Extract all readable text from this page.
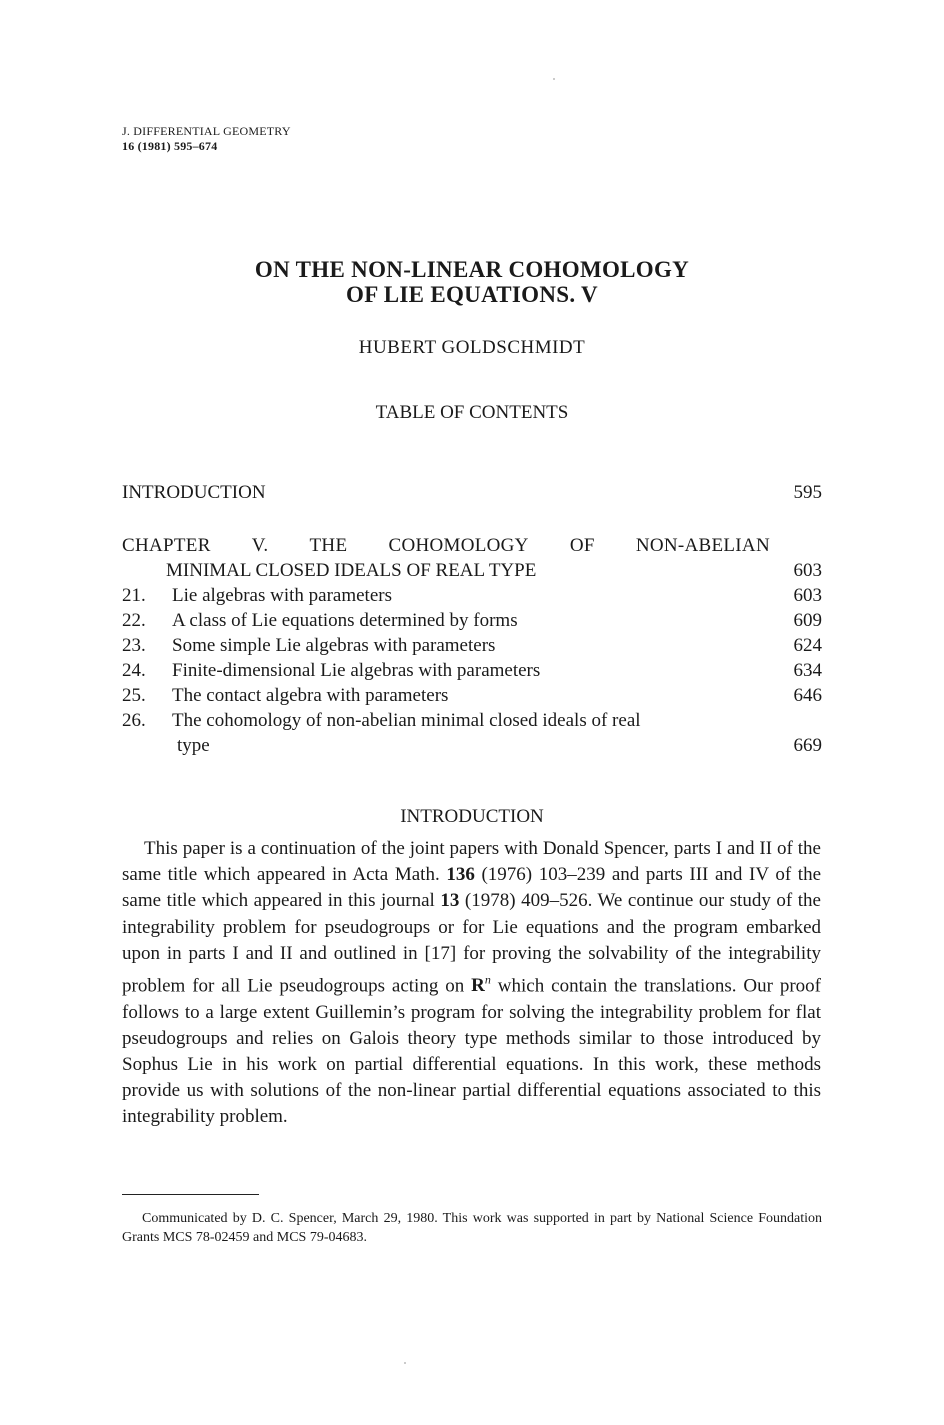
J. DIFFERENTIAL GEOMETRY
16 (1981) 595–674
ON THE NON-LINEAR COHOMOLOGY
OF LIE EQUATIONS. V
HUBERT GOLDSCHMIDT
TABLE OF CONTENTS
INTRODUCTION	595
CHAPTER V. THE COHOMOLOGY OF NON-ABELIAN
MINIMAL CLOSED IDEALS OF REAL TYPE	603
21. Lie algebras with parameters	603
22. A class of Lie equations determined by forms	609
23. Some simple Lie algebras with parameters	624
24. Finite-dimensional Lie algebras with parameters	634
25. The contact algebra with parameters	646
26. The cohomology of non-abelian minimal closed ideals of real
type	669
INTRODUCTION
This paper is a continuation of the joint papers with Donald Spencer, parts I and II of the same title which appeared in Acta Math. 136 (1976) 103–239 and parts III and IV of the same title which appeared in this journal 13 (1978) 409–526. We continue our study of the integrability problem for pseudogroups or for Lie equations and the program embarked upon in parts I and II and outlined in [17] for proving the solvability of the integrability problem for all Lie pseudogroups acting on $R^n$ which contain the translations. Our proof follows to a large extent Guillemin’s program for solving the integrability problem for flat pseudogroups and relies on Galois theory type methods similar to those introduced by Sophus Lie in his work on partial differential equations. In this work, these methods provide us with solutions of the non-linear partial differential equations associated to this integrability problem.
Communicated by D. C. Spencer, March 29, 1980. This work was supported in part by National Science Foundation Grants MCS 78-02459 and MCS 79-04683.
